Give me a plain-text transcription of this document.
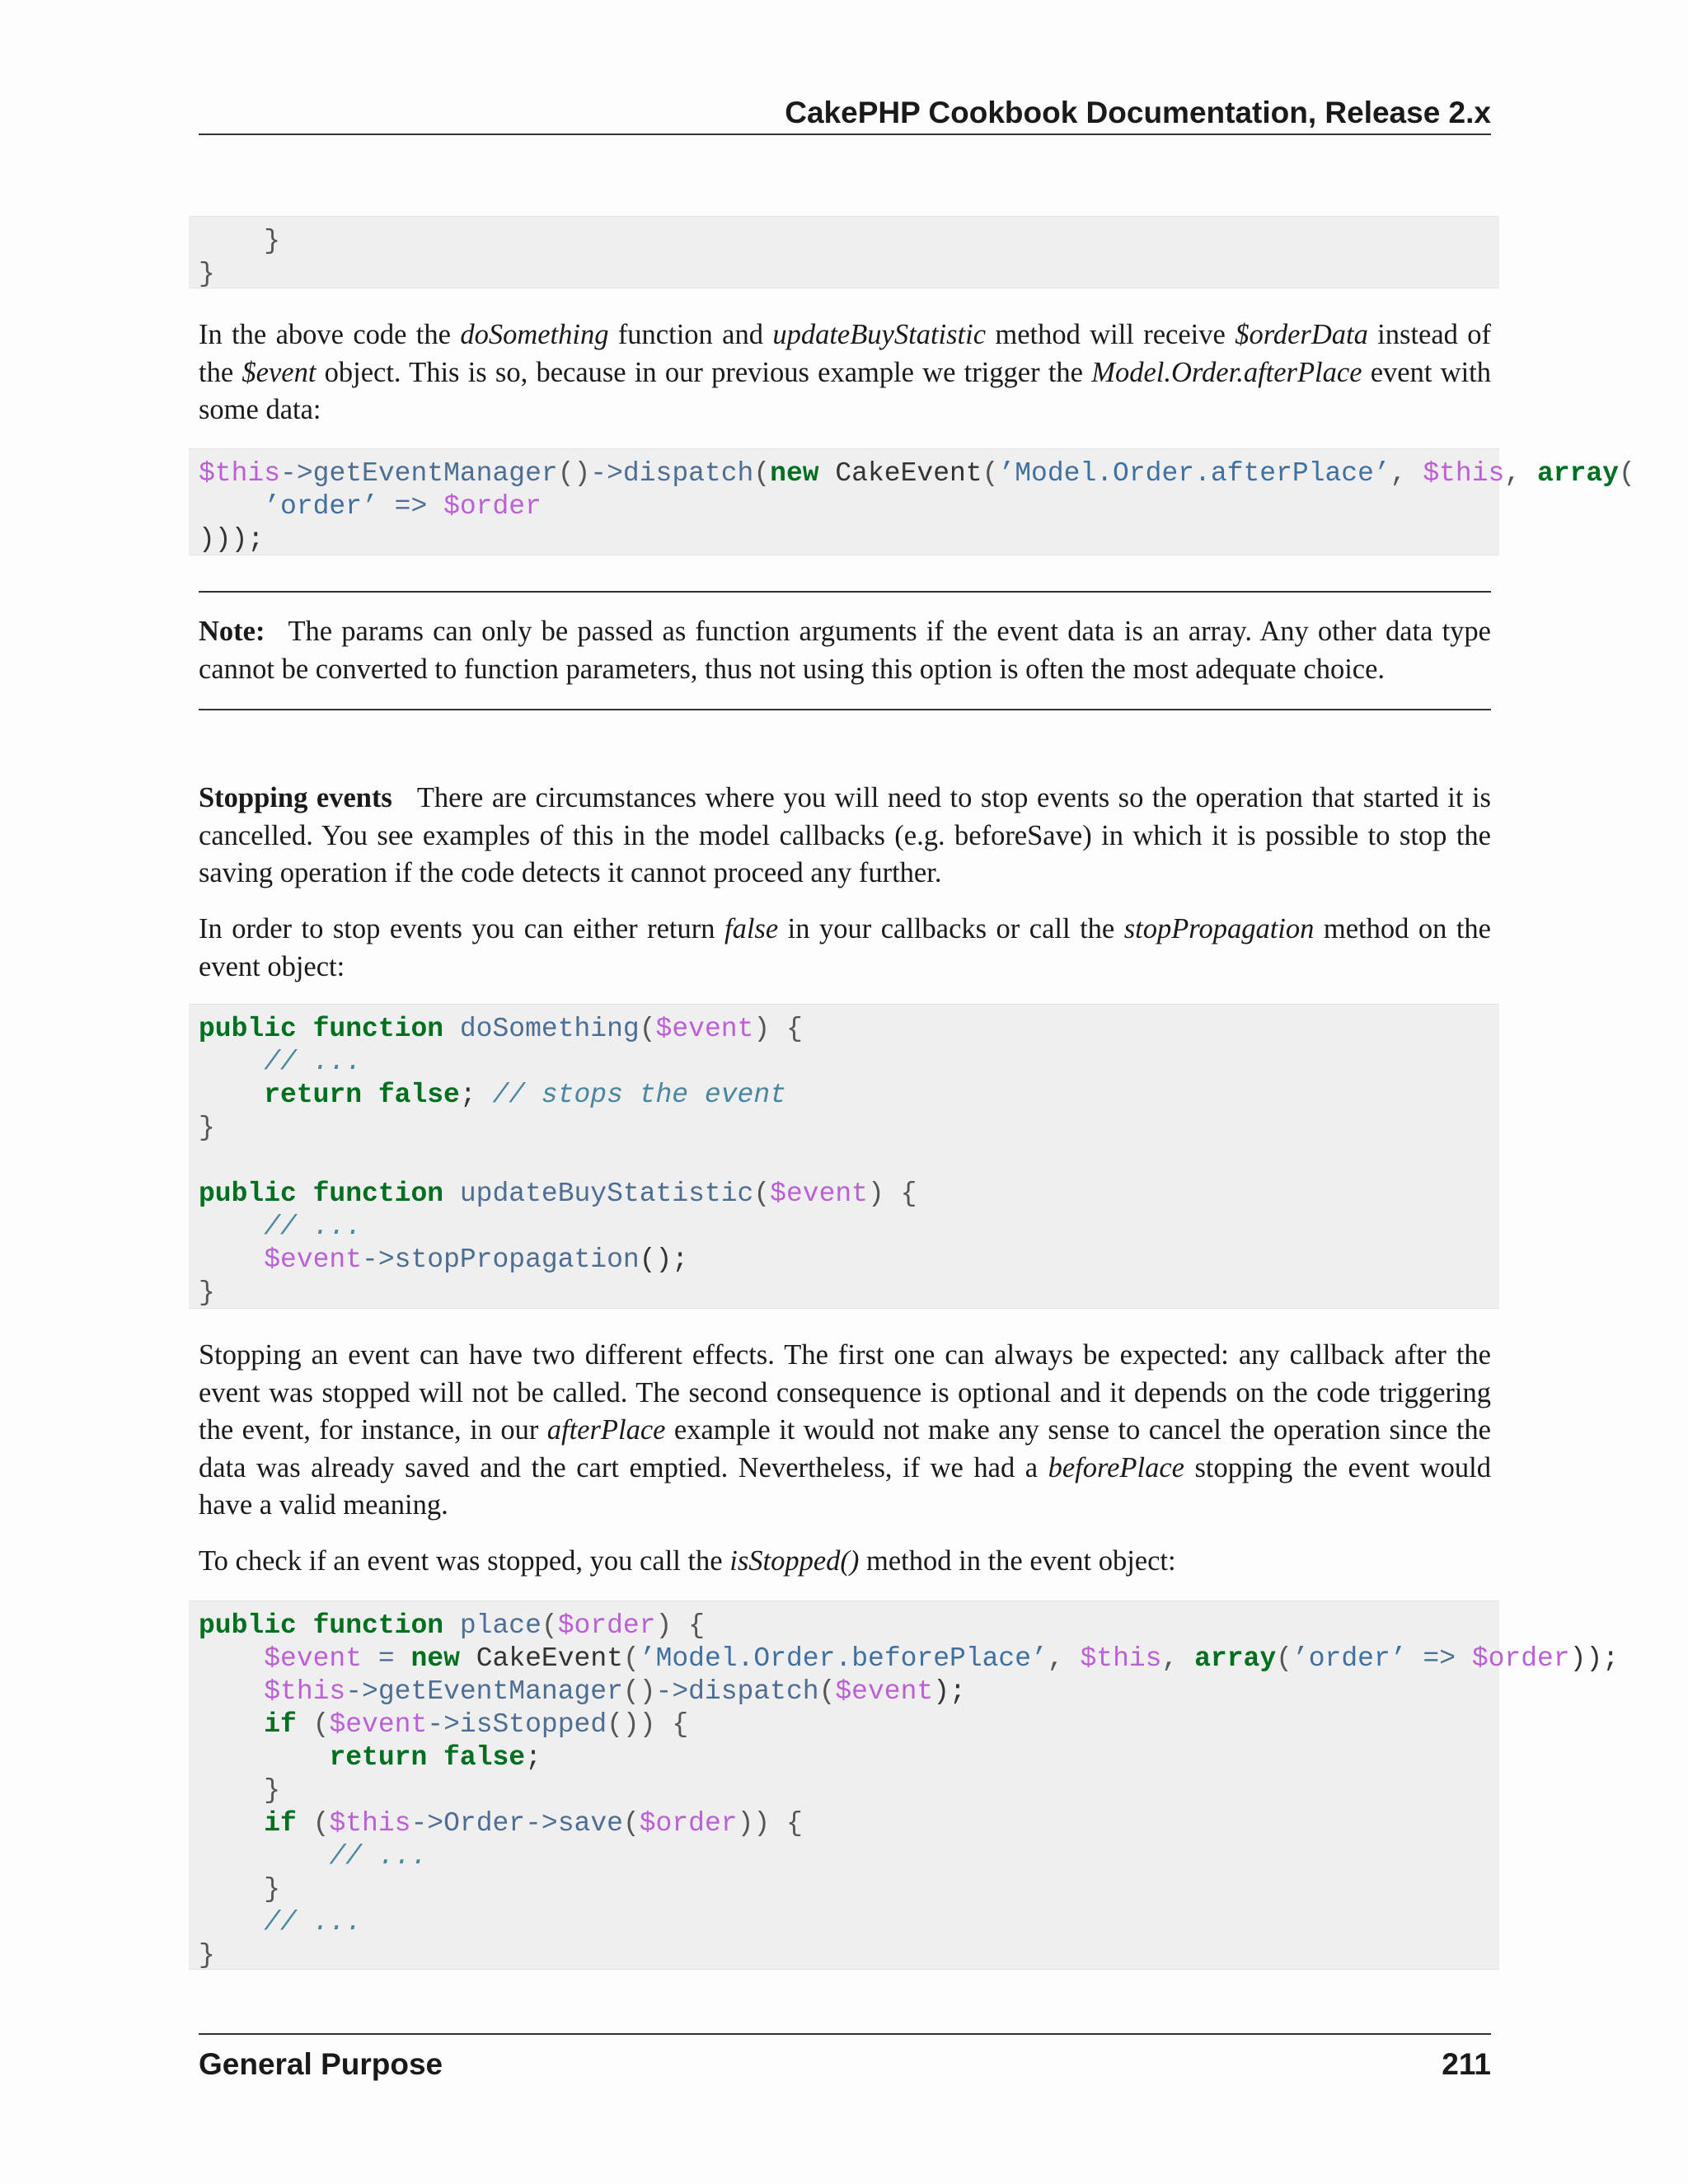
CakePHP Cookbook Documentation, Release 2.x
}
}

In the above code the doSomething function and updateBuyStatistic method will receive $orderData instead of the $event object. This is so, because in our previous example we trigger the Model.Order.afterPlace event with some data:

$this->getEventManager()->dispatch(new CakeEvent(’Model.Order.afterPlace’, $this, array(
’order’ => $order
)));

Note: The params can only be passed as function arguments if the event data is an array. Any other data type cannot be converted to function parameters, thus not using this option is often the most adequate choice.

Stopping events There are circumstances where you will need to stop events so the operation that started it is cancelled. You see examples of this in the model callbacks (e.g. beforeSave) in which it is possible to stop the saving operation if the code detects it cannot proceed any further.

In order to stop events you can either return false in your callbacks or call the stopPropagation method on the event object:

public function doSomething($event) {
// ...
return false; // stops the event
}
public function updateBuyStatistic($event) {
// ...
$event->stopPropagation();
}

Stopping an event can have two different effects. The first one can always be expected: any callback after the event was stopped will not be called. The second consequence is optional and it depends on the code triggering the event, for instance, in our afterPlace example it would not make any sense to cancel the operation since the data was already saved and the cart emptied. Nevertheless, if we had a beforePlace stopping the event would have a valid meaning.

To check if an event was stopped, you call the isStopped() method in the event object:

public function place($order) {
$event = new CakeEvent(’Model.Order.beforePlace’, $this, array(’order’ => $order));
$this->getEventManager()->dispatch($event);
if ($event->isStopped()) {
return false;
}
if ($this->Order->save($order)) {
// ...
}
// ...
}
General Purpose	211
